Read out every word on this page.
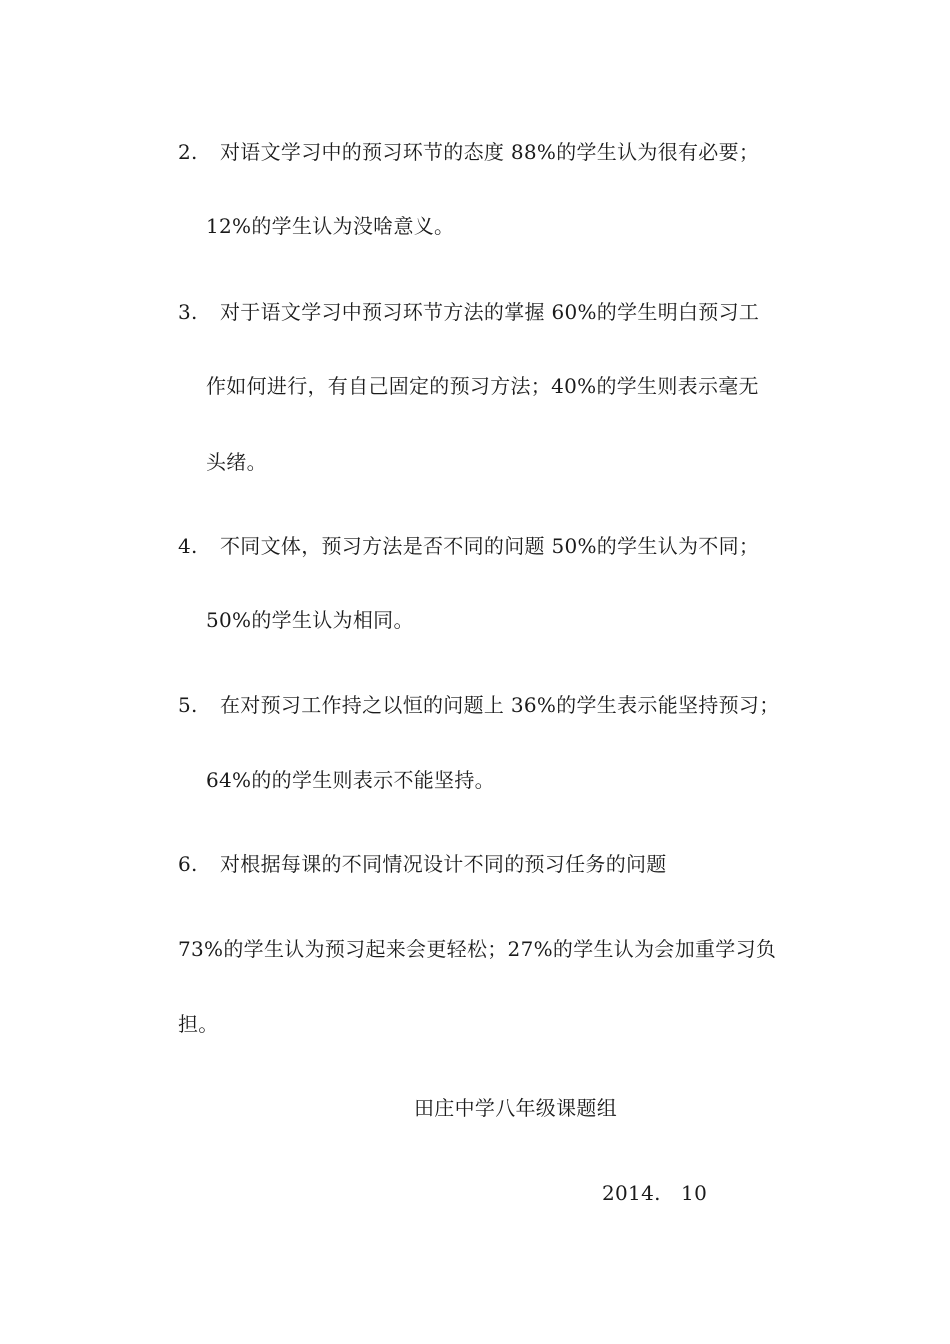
2. 对语文学习中的预习环节的态度 88%的学生认为很有必要；
12%的学生认为没啥意义。
3. 对于语文学习中预习环节方法的掌握 60%的学生明白预习工
作如何进行，有自己固定的预习方法；40%的学生则表示毫无
头绪。
4. 不同文体，预习方法是否不同的问题 50%的学生认为不同；
50%的学生认为相同。
5. 在对预习工作持之以恒的问题上 36%的学生表示能坚持预习；
64%的的学生则表示不能坚持。
6. 对根据每课的不同情况设计不同的预习任务的问题
73%的学生认为预习起来会更轻松；27%的学生认为会加重学习负
担。
田庄中学八年级课题组
2014.　10
